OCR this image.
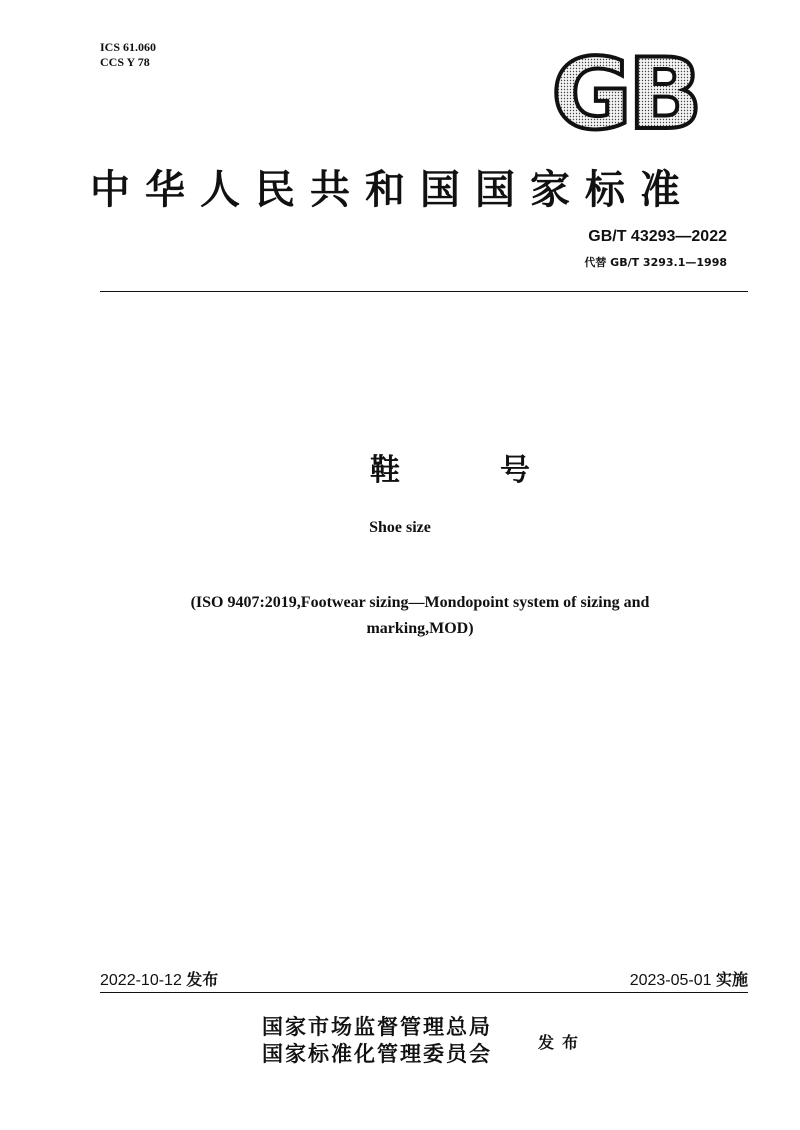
ICS 61.060
CCS Y 78	GB
中华人民共和国国家标准
GB/T 43293—2022
代替 GB/T 3293.1—1998
鞋号
Shoe size
(ISO 9407:2019,Footwear sizing—Mondopoint system of sizing and
marking,MOD)
2022-10-12 发布	2023-05-01 实施
国家市场监督管理总局
国家标准化管理委员会	发布
